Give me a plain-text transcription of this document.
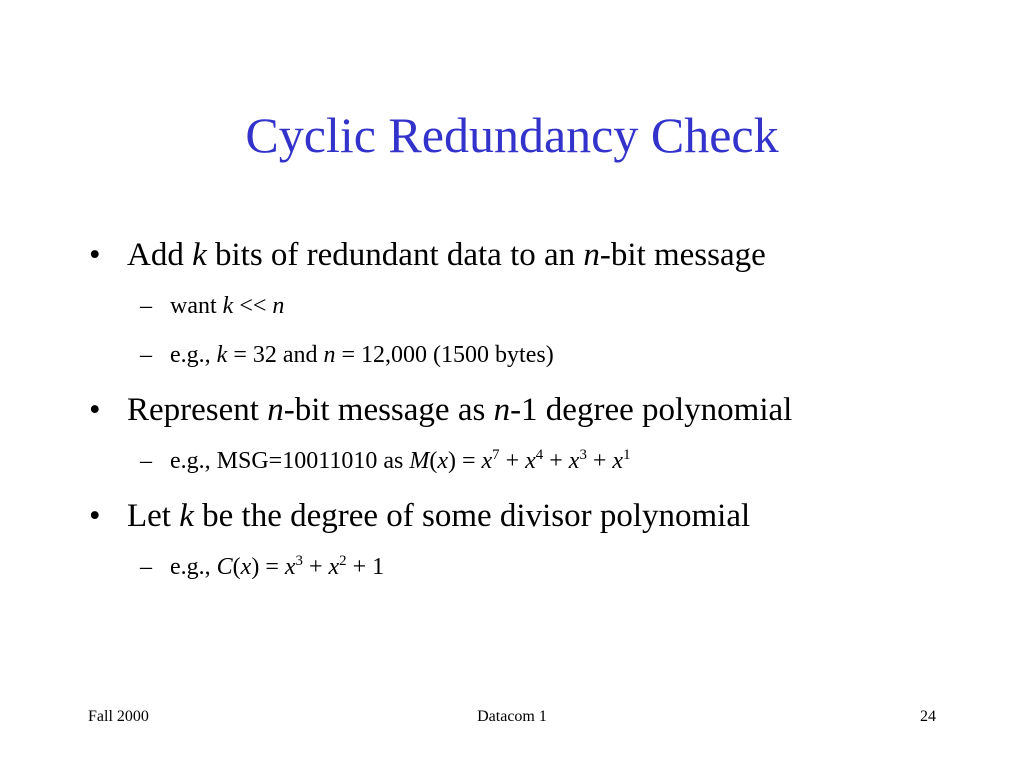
Cyclic Redundancy Check
• Add k bits of redundant data to an n-bit message
– want k << n
– e.g., k = 32 and n = 12,000 (1500 bytes)
• Represent n-bit message as n-1 degree polynomial
– e.g., MSG=10011010 as $M(x) = x^7 + x^4 + x^3 + x^1$
• Let k be the degree of some divisor polynomial
– e.g., $C(x) = x^3 + x^2 + 1$
Fall 2000	Datacom 1	24
